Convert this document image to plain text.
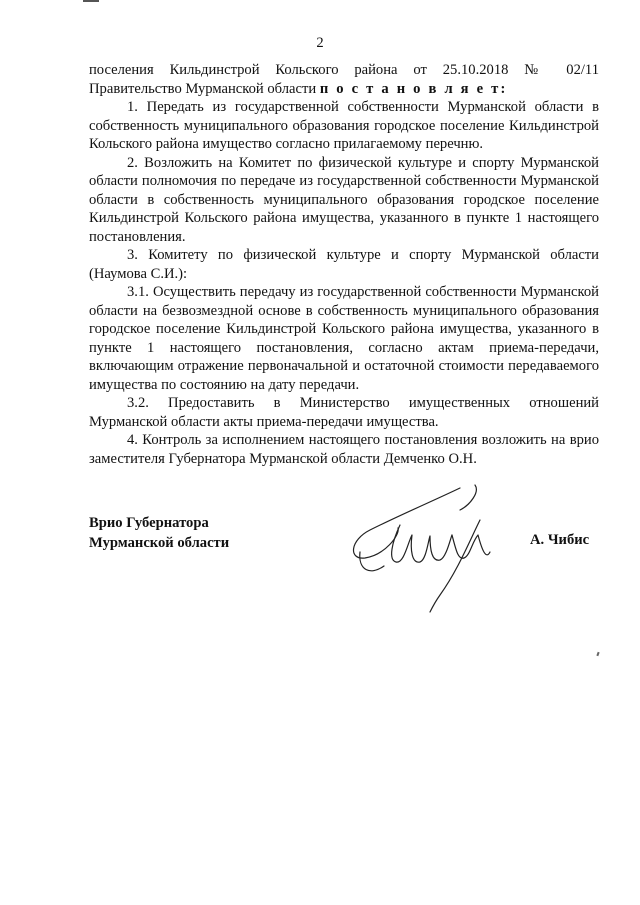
2

поселения Кильдинстрой Кольского района от 25.10.2018 № 02/11

Правительство Мурманской области п о с т а н о в л я е т:

1. Передать из государственной собственности Мурманской области в собственность муниципального образования городское поселение Кильдинстрой Кольского района имущество согласно прилагаемому перечню.

2. Возложить на Комитет по физической культуре и спорту Мурманской области полномочия по передаче из государственной собственности Мурманской области в собственность муниципального образования городское поселение Кильдинстрой Кольского района имущества, указанного в пункте 1 настоящего постановления.

3. Комитету по физической культуре и спорту Мурманской области (Наумова С.И.):

3.1. Осуществить передачу из государственной собственности Мурманской области на безвозмездной основе в собственность муниципального образования городское поселение Кильдинстрой Кольского района имущества, указанного в пункте 1 настоящего постановления, согласно актам приема-передачи, включающим отражение первоначальной и остаточной стоимости передаваемого имущества по состоянию на дату передачи.

3.2. Предоставить в Министерство имущественных отношений Мурманской области акты приема-передачи имущества.

4. Контроль за исполнением настоящего постановления возложить на врио заместителя Губернатора Мурманской области Демченко О.Н.

Врио Губернатора
Мурманской области	А. Чибис
